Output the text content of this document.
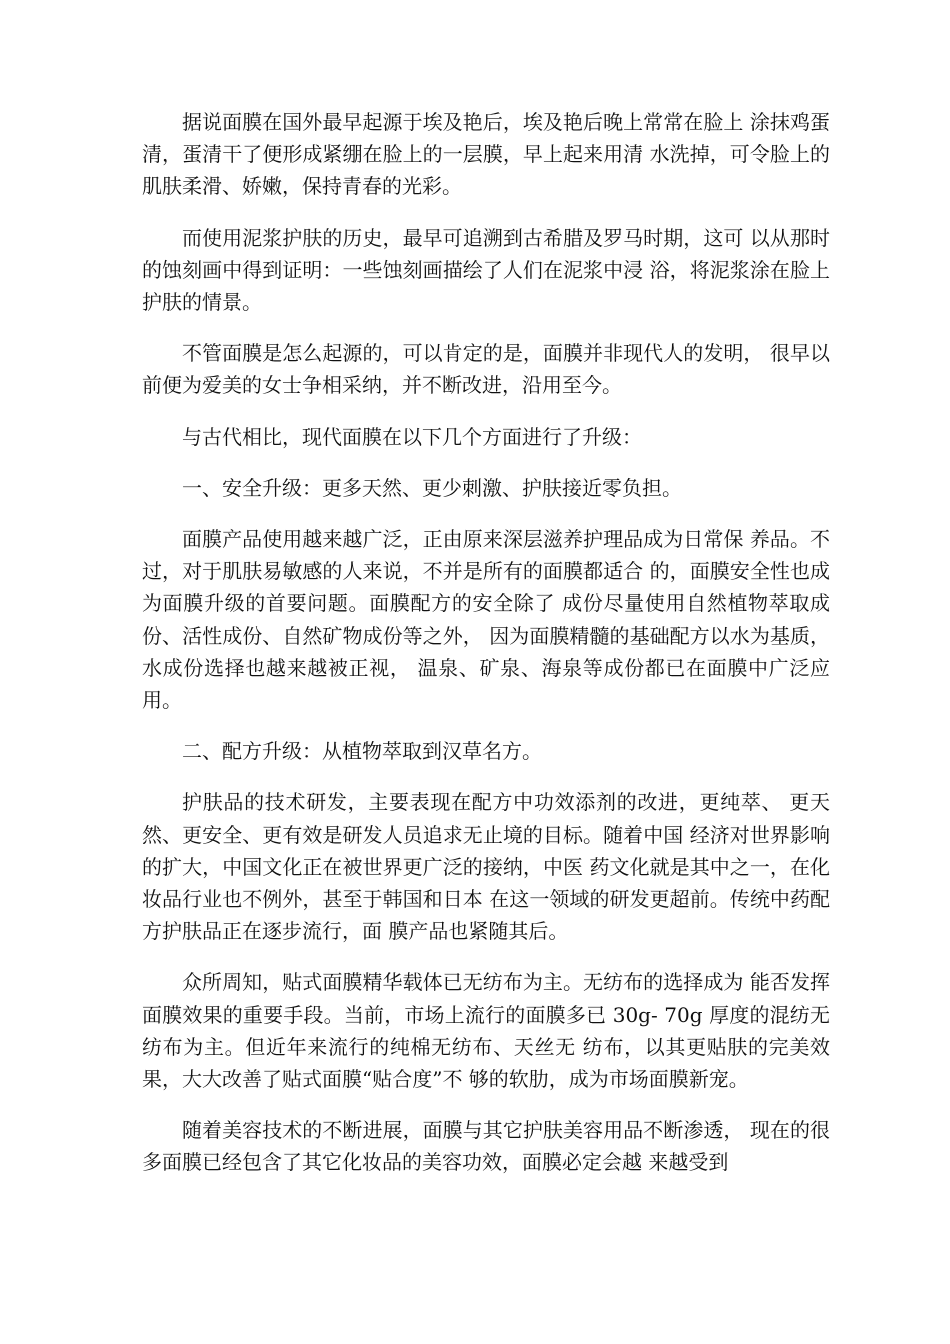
据说面膜在国外最早起源于埃及艳后，埃及艳后晚上常常在脸上 涂抹鸡蛋清，蛋清干了便形成紧绷在脸上的一层膜，早上起来用清 水洗掉，可令脸上的肌肤柔滑、娇嫩，保持青春的光彩。

而使用泥浆护肤的历史，最早可追溯到古希腊及罗马时期，这可 以从那时的蚀刻画中得到证明：一些蚀刻画描绘了人们在泥浆中浸 浴，将泥浆涂在脸上护肤的情景。

不管面膜是怎么起源的，可以肯定的是，面膜并非现代人的发明， 很早以前便为爱美的女士争相采纳，并不断改进，沿用至今。

与古代相比，现代面膜在以下几个方面进行了升级：

一、安全升级：更多天然、更少刺激、护肤接近零负担。

面膜产品使用越来越广泛，正由原来深层滋养护理品成为日常保 养品。不过，对于肌肤易敏感的人来说，不并是所有的面膜都适合 的，面膜安全性也成为面膜升级的首要问题。面膜配方的安全除了 成份尽量使用自然植物萃取成份、活性成份、自然矿物成份等之外， 因为面膜精髓的基础配方以水为基质，水成份选择也越来越被正视， 温泉、矿泉、海泉等成份都已在面膜中广泛应用。

二、配方升级：从植物萃取到汉草名方。

护肤品的技术研发，主要表现在配方中功效添剂的改进，更纯萃、 更天然、更安全、更有效是研发人员追求无止境的目标。随着中国 经济对世界影响的扩大，中国文化正在被世界更广泛的接纳，中医 药文化就是其中之一，在化妆品行业也不例外，甚至于韩国和日本 在这一领域的研发更超前。传统中药配方护肤品正在逐步流行，面 膜产品也紧随其后。

众所周知，贴式面膜精华载体已无纺布为主。无纺布的选择成为 能否发挥面膜效果的重要手段。当前，市场上流行的面膜多已 30g- 70g 厚度的混纺无纺布为主。但近年来流行的纯棉无纺布、天丝无 纺布，以其更贴肤的完美效果，大大改善了贴式面膜“贴合度”不 够的软肋，成为市场面膜新宠。

随着美容技术的不断进展，面膜与其它护肤美容用品不断渗透， 现在的很多面膜已经包含了其它化妆品的美容功效，面膜必定会越 来越受到
